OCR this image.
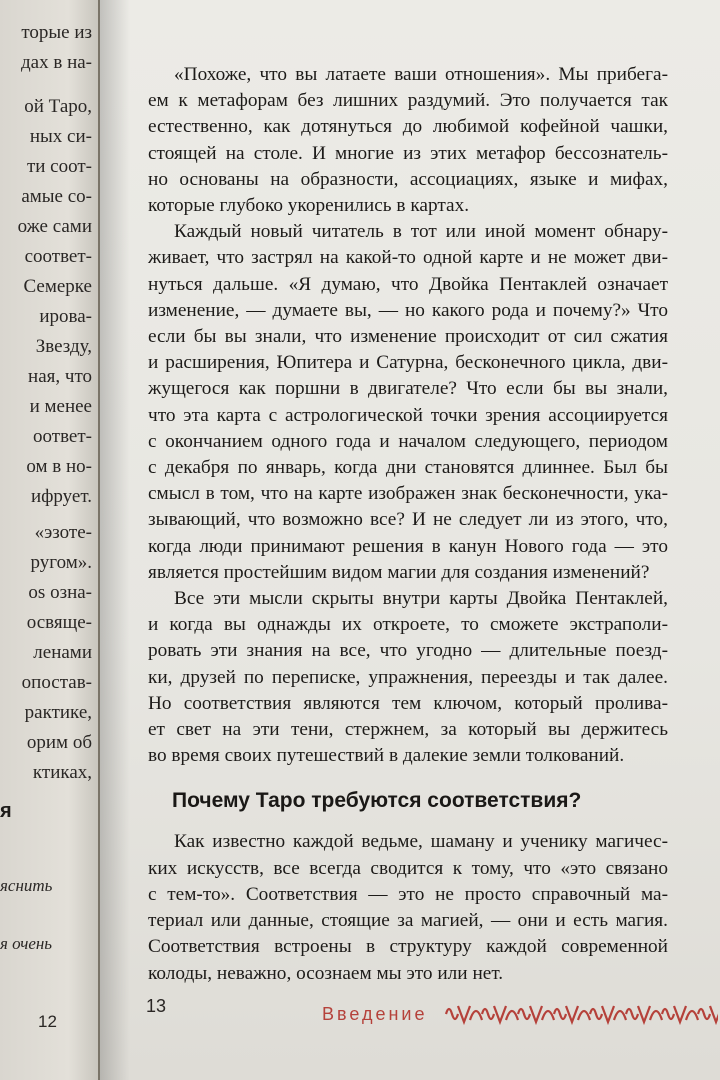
торые из
дах в на-
ой Таро,
ных си-
ти соот-
амые со-
оже сами
соответ-
Семерке
ирова-
Звезду,
ная, что
и менее
оответ-
ом в но-
ифрует.
«эзоте-
ругом».
os озна-
освяще-
ленами
опостав-
рактике,
орим об
ктиках,
я
яснить
я очень
12
«Похоже, что вы латаете ваши отношения». Мы прибега-
ем к метафорам без лишних раздумий. Это получается так
естественно, как дотянуться до любимой кофейной чашки,
стоящей на столе. И многие из этих метафор бессознатель-
но основаны на образности, ассоциациях, языке и мифах,
которые глубоко укоренились в картах.
Каждый новый читатель в тот или иной момент обнару-
живает, что застрял на какой-то одной карте и не может дви-
нуться дальше. «Я думаю, что Двойка Пентаклей означает
изменение, — думаете вы, — но какого рода и почему?» Что
если бы вы знали, что изменение происходит от сил сжатия
и расширения, Юпитера и Сатурна, бесконечного цикла, дви-
жущегося как поршни в двигателе? Что если бы вы знали,
что эта карта с астрологической точки зрения ассоциируется
с окончанием одного года и началом следующего, периодом
с декабря по январь, когда дни становятся длиннее. Был бы
смысл в том, что на карте изображен знак бесконечности, ука-
зывающий, что возможно все? И не следует ли из этого, что,
когда люди принимают решения в канун Нового года — это
является простейшим видом магии для создания изменений?
Все эти мысли скрыты внутри карты Двойка Пентаклей,
и когда вы однажды их откроете, то сможете экстраполи-
ровать эти знания на все, что угодно — длительные поезд-
ки, друзей по переписке, упражнения, переезды и так далее.
Но соответствия являются тем ключом, который пролива-
ет свет на эти тени, стержнем, за который вы держитесь
во время своих путешествий в далекие земли толкований.
Почему Таро требуются соответствия?
Как известно каждой ведьме, шаману и ученику магичес-
ких искусств, все всегда сводится к тому, что «это связано
с тем-то». Соответствия — это не просто справочный ма-
териал или данные, стоящие за магией, — они и есть магия.
Соответствия встроены в структуру каждой современной
колоды, неважно, осознаем мы это или нет.
13	Введение
